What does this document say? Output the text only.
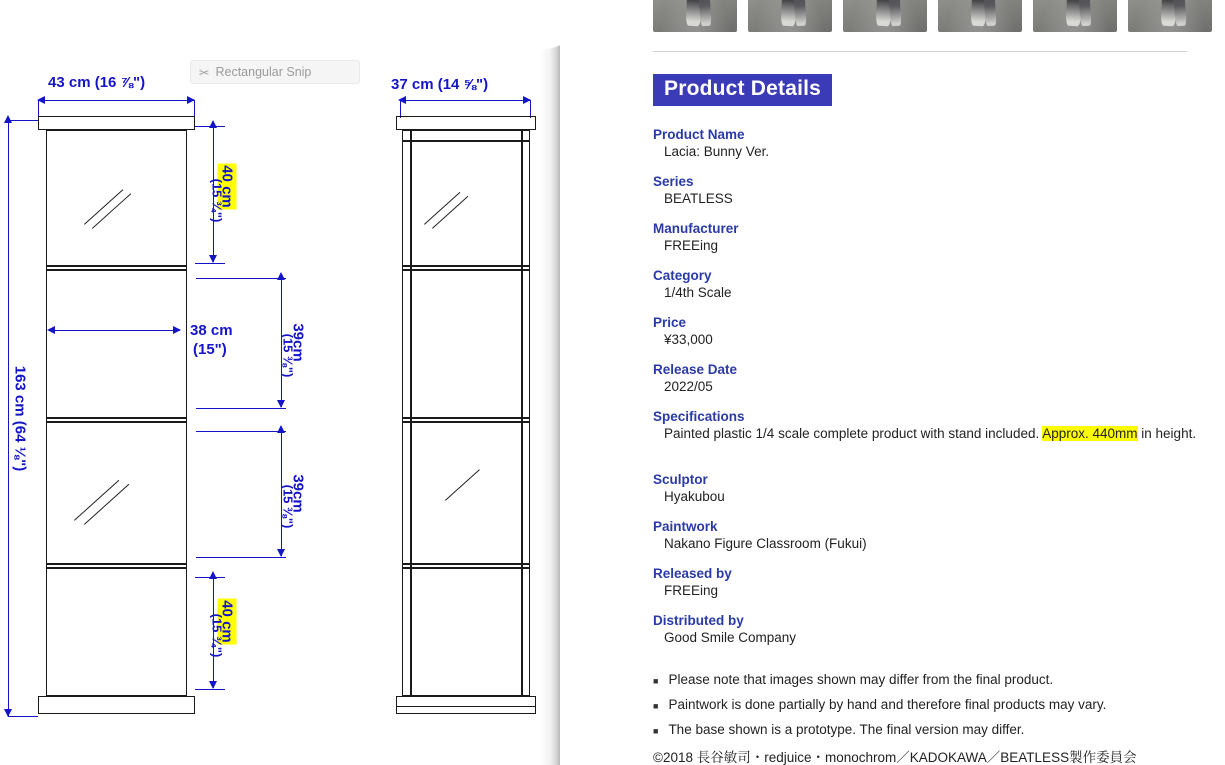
✂ Rectangular Snip
43 cm (16 ⅞")
163 cm (64 ⅛")
40 cm
(15 ¾")
38 cm
(15")	39cm
(15 ⅜")
39cm
(15 ⅜")
40 cm
(15 ¾")
37 cm (14 ⅝")	Product Details
Product Name
Lacia: Bunny Ver.
Series
BEATLESS
Manufacturer
FREEing
Category
1/4th Scale
Price
¥33,000
Release Date
2022/05
Specifications
Painted plastic 1/4 scale complete product with stand included. Approx. 440mm in height.
Sculptor
Hyakubou
Paintwork
Nakano Figure Classroom (Fukui)
Released by
FREEing
Distributed by
Good Smile Company
■ Please note that images shown may differ from the final product.
■ Paintwork is done partially by hand and therefore final products may vary.
■ The base shown is a prototype. The final version may differ.
©2018 長谷敏司・redjuice・monochrom／KADOKAWA／BEATLESS製作委員会
